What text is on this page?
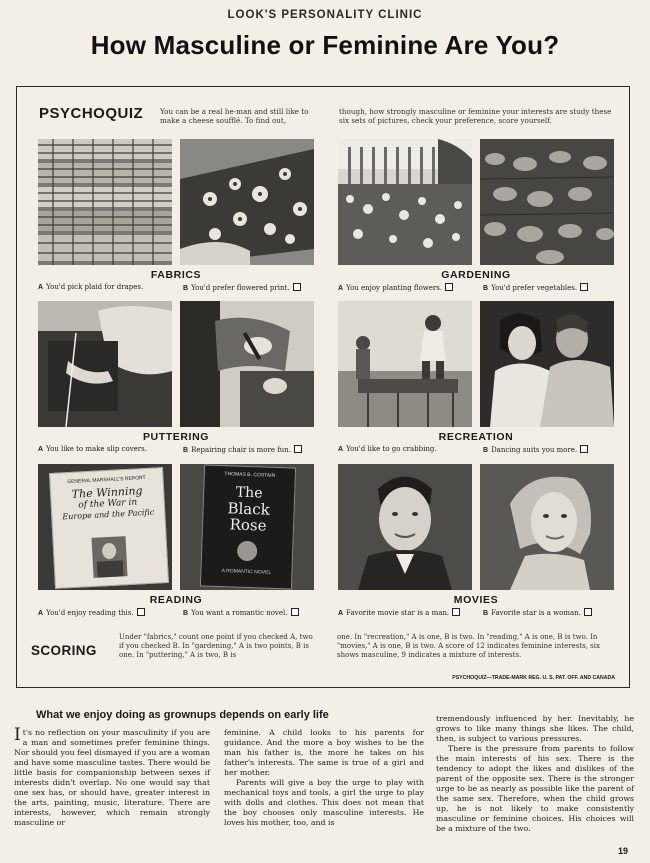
LOOK'S PERSONALITY CLINIC
How Masculine or Feminine Are You?
PSYCHOQUIZ You can be a real he-man and still like to make a cheese soufflé. To find out,
though, how strongly masculine or feminine your interests are study these six sets of pictures, check your preference, score yourself.
FABRICS	GARDENING
A You'd pick plaid for drapes.	B You'd prefer flowered print.	A You enjoy planting flowers.	B You'd prefer vegetables.
PUTTERING	RECREATION
A You like to make slip covers.	B Repairing chair is more fun.	A You'd like to go crabbing.	B Dancing suits you more.
GENERAL MARSHALL'S REPORT
The Winning
of the War in
Europe and the Pacific
THOMAS B. COSTAIN
The
Black
Rose
A ROMANTIC NOVEL
READING	MOVIES
A You'd enjoy reading this.	B You want a romantic novel.	A Favorite movie star is a man.	B Favorite star is a woman.
SCORING
Under "fabrics," count one point if you checked A, two if you checked B. In "gardening," A is two points, B is one. In "puttering," A is two, B is
one. In "recreation," A is one, B is two. In "reading," A is one, B is two. In "movies," A is one, B is two. A score of 12 indicates feminine interests, six shows masculine, 9 indicates a mixture of interests.
PSYCHOQUIZ—TRADE-MARK REG. U. S. PAT. OFF. AND CANADA
What we enjoy doing as grownups depends on early life
It's no reflection on your masculinity if you are a man and sometimes prefer feminine things. Nor should you feel dismayed if you are a woman and have some masculine tastes. There would be little basis for companionship between sexes if interests didn't overlap. No one would say that one sex has, or should have, greater interest in the arts, painting, music, literature. There are interests, however, which remain strongly masculine or

feminine. A child looks to his parents for guidance. And the more a boy wishes to be the man his father is, the more he takes on his father's interests. The same is true of a girl and her mother.

Parents will give a boy the urge to play with mechanical toys and tools, a girl the urge to play with dolls and clothes. This does not mean that the boy chooses only masculine interests. He loves his mother, too, and is

tremendously influenced by her. Inevitably, he grows to like many things she likes. The child, then, is subject to various pressures.

There is the pressure from parents to follow the main interests of his sex. There is the tendency to adopt the likes and dislikes of the parent of the opposite sex. There is the stronger urge to be as nearly as possible like the parent of the same sex. Therefore, when the child grows up, he is not likely to make consistently masculine or feminine choices. His choices will be a mixture of the two.

19
